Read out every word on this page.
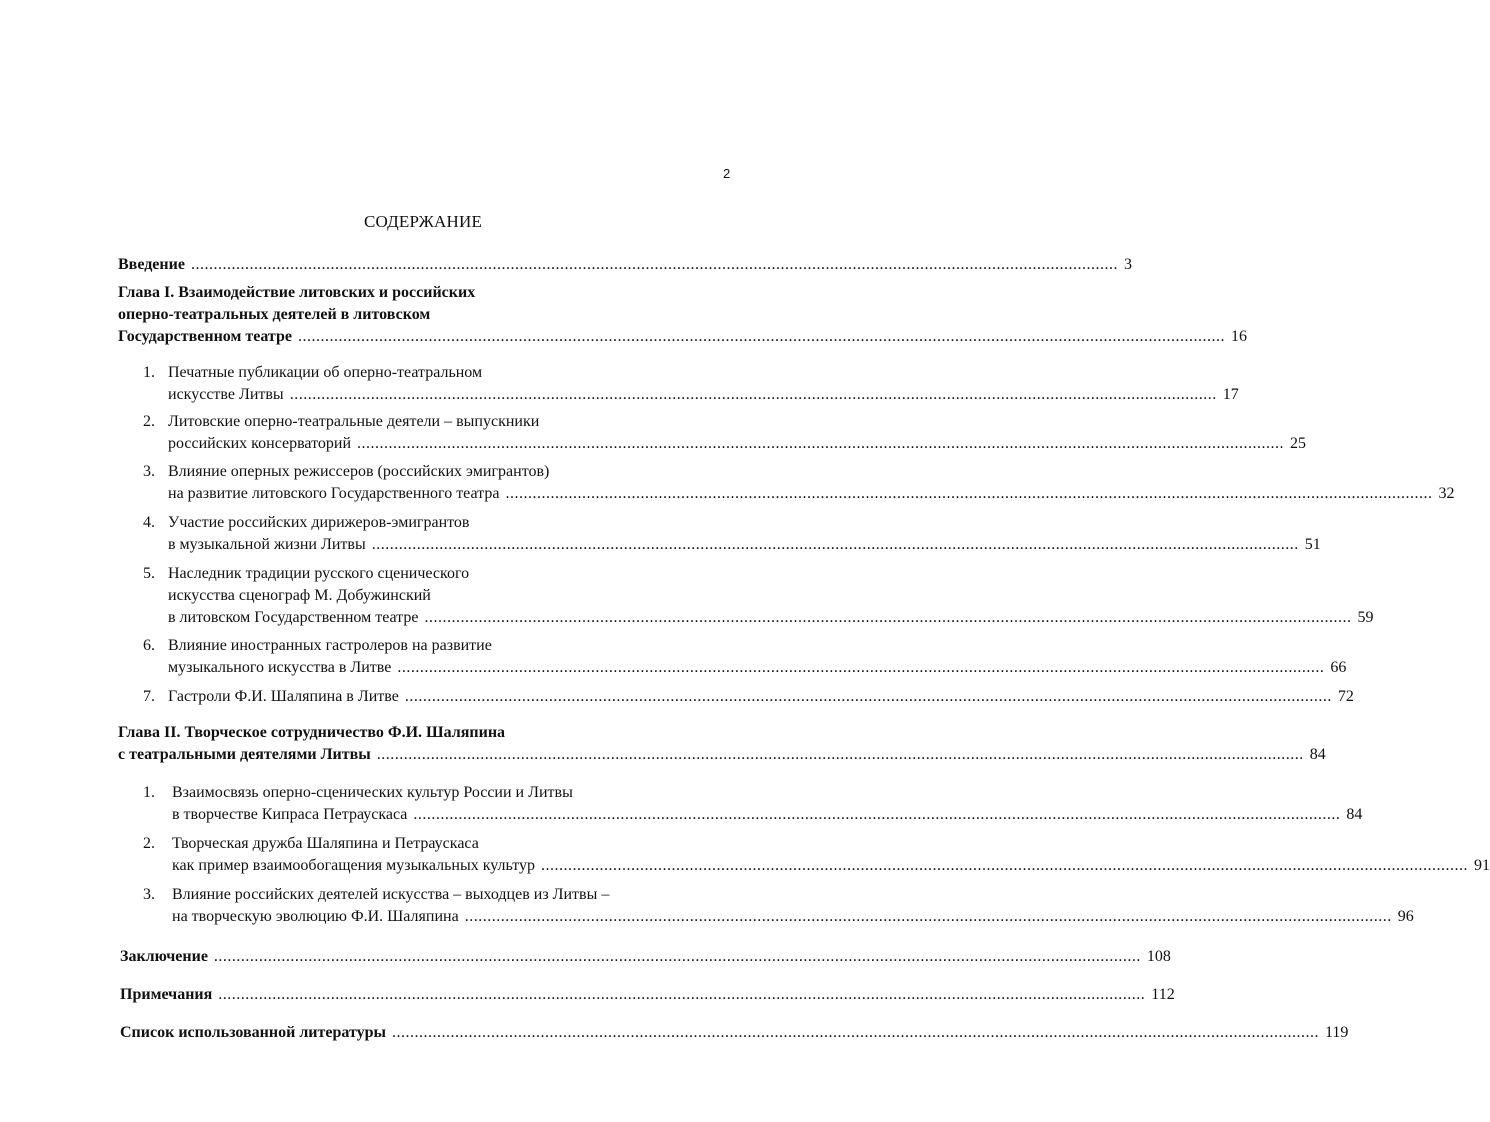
2
СОДЕРЖАНИЕ
Введение .............................................................................................................................................................................................................. 3
Глава I. Взаимодействие литовских и российских
оперно-театральных деятелей в литовском
Государственном театре .............................................................................................................................................................................................................. 16
1. Печатные публикации об оперно-театральном
искусстве Литвы .............................................................................................................................................................................................................. 17
2. Литовские оперно-театральные деятели – выпускники
российских консерваторий .............................................................................................................................................................................................................. 25
3. Влияние оперных режиссеров (российских эмигрантов)
на развитие литовского Государственного театра .............................................................................................................................................................................................................. 32
4. Участие российских дирижеров-эмигрантов
в музыкальной жизни Литвы .............................................................................................................................................................................................................. 51
5. Наследник традиции русского сценического
искусства сценограф М. Добужинский
в литовском Государственном театре .............................................................................................................................................................................................................. 59
6. Влияние иностранных гастролеров на развитие
музыкального искусства в Литве .............................................................................................................................................................................................................. 66
7. Гастроли Ф.И. Шаляпина в Литве .............................................................................................................................................................................................................. 72
Глава II. Творческое сотрудничество Ф.И. Шаляпина
с театральными деятелями Литвы .............................................................................................................................................................................................................. 84
1. Взаимосвязь оперно-сценических культур России и Литвы
в творчестве Кипраса Петраускаса .............................................................................................................................................................................................................. 84
2. Творческая дружба Шаляпина и Петраускаса
как пример взаимообогащения музыкальных культур .............................................................................................................................................................................................................. 91
3. Влияние российских деятелей искусства – выходцев из Литвы –
на творческую эволюцию Ф.И. Шаляпина .............................................................................................................................................................................................................. 96
Заключение .............................................................................................................................................................................................................. 108
Примечания .............................................................................................................................................................................................................. 112
Список использованной литературы .............................................................................................................................................................................................................. 119
